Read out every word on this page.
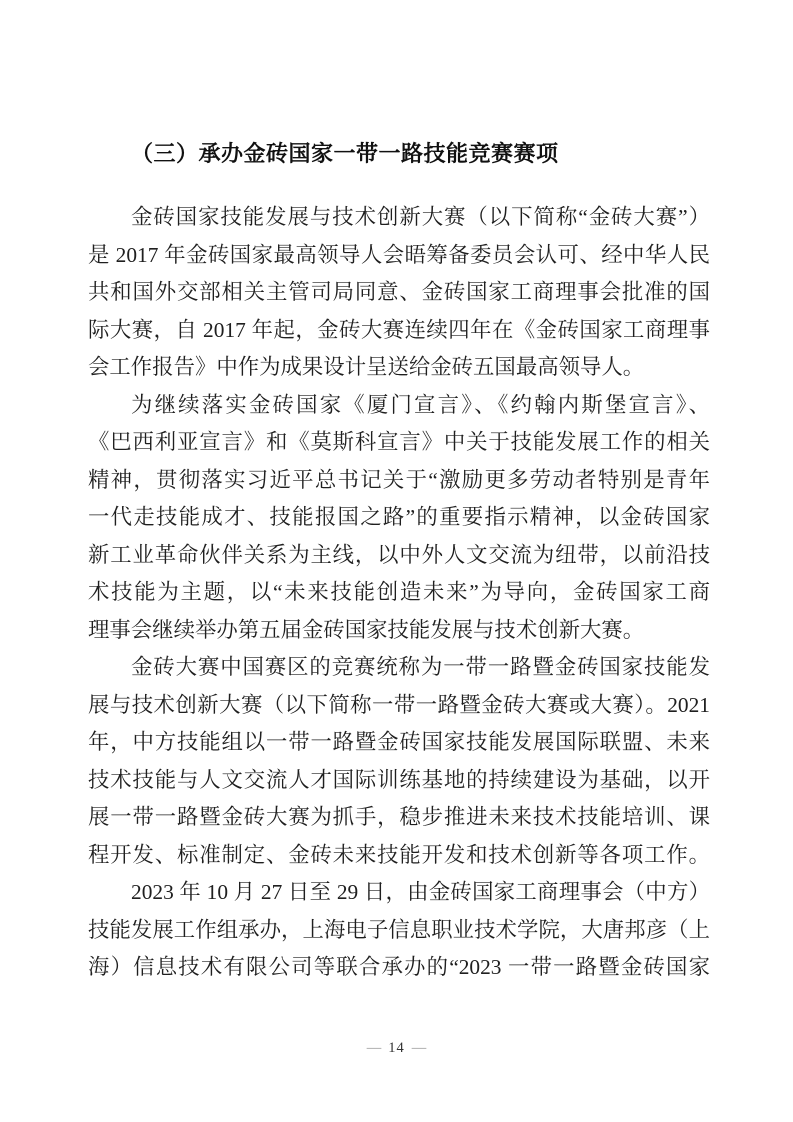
（三）承办金砖国家一带一路技能竞赛赛项
金砖国家技能发展与技术创新大赛（以下简称“金砖大赛”）
是 2017 年金砖国家最高领导人会晤筹备委员会认可、经中华人民
共和国外交部相关主管司局同意、金砖国家工商理事会批准的国
际大赛，自 2017 年起，金砖大赛连续四年在《金砖国家工商理事
会工作报告》中作为成果设计呈送给金砖五国最高领导人。
为继续落实金砖国家《厦门宣言》、《约翰内斯堡宣言》、
《巴西利亚宣言》和《莫斯科宣言》中关于技能发展工作的相关
精神，贯彻落实习近平总书记关于“激励更多劳动者特别是青年
一代走技能成才、技能报国之路”的重要指示精神，以金砖国家
新工业革命伙伴关系为主线，以中外人文交流为纽带，以前沿技
术技能为主题，以“未来技能创造未来”为导向，金砖国家工商
理事会继续举办第五届金砖国家技能发展与技术创新大赛。
金砖大赛中国赛区的竞赛统称为一带一路暨金砖国家技能发
展与技术创新大赛（以下简称一带一路暨金砖大赛或大赛）。2021
年，中方技能组以一带一路暨金砖国家技能发展国际联盟、未来
技术技能与人文交流人才国际训练基地的持续建设为基础，以开
展一带一路暨金砖大赛为抓手，稳步推进未来技术技能培训、课
程开发、标准制定、金砖未来技能开发和技术创新等各项工作。
2023 年 10 月 27 日至 29 日，由金砖国家工商理事会（中方）
技能发展工作组承办，上海电子信息职业技术学院，大唐邦彦（上
海）信息技术有限公司等联合承办的“2023 一带一路暨金砖国家
— 14 —
